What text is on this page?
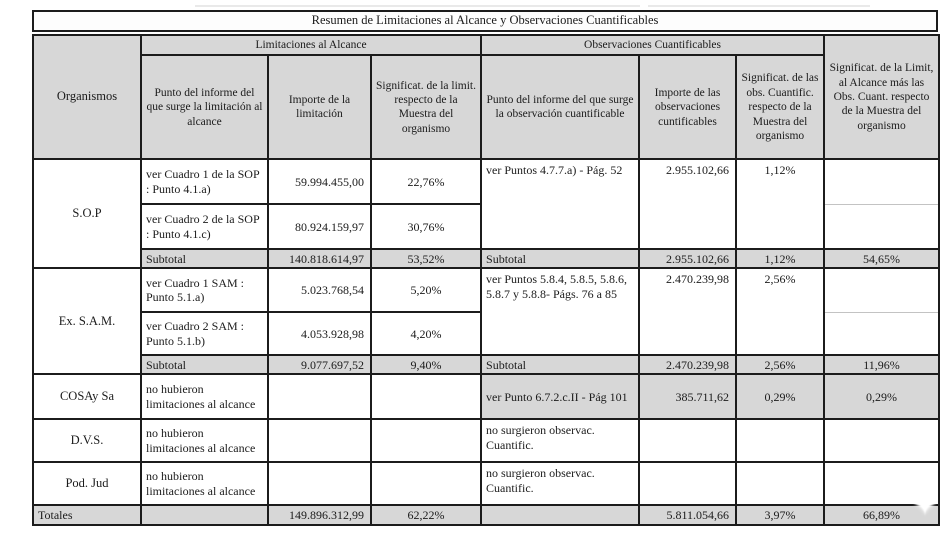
Resumen de Limitaciones al Alcance y Observaciones Cuantificables
Organismos	Limitaciones al Alcance			Observaciones Cuantificables			Significat. de la Limit, al Alcance más las Obs. Cuant. respecto de la Muestra del organismo
	Punto del informe del que surge la limitación al alcance	Importe de la limitación	Significat. de la limit. respecto de la Muestra del organismo	Punto del informe del que surge la observación cuantificable	Importe de las observaciones cuntificables	Significat. de las obs. Cuantific. respecto de la Muestra del organismo	
S.O.P	ver Cuadro 1 de la SOP : Punto 4.1.a)	59.994.455,00	22,76%	ver Puntos 4.7.7.a) - Pág. 52	2.955.102,66	1,12%	
	ver Cuadro 2 de la SOP : Punto 4.1.c)	80.924.159,97	30,76%				
	Subtotal	140.818.614,97	53,52%	Subtotal	2.955.102,66	1,12%	54,65%
Ex. S.A.M.	ver Cuadro 1 SAM : Punto 5.1.a)	5.023.768,54	5,20%	ver Puntos 5.8.4, 5.8.5, 5.8.6, 5.8.7 y 5.8.8- Págs. 76 a 85	2.470.239,98	2,56%	
	ver Cuadro 2 SAM : Punto 5.1.b)	4.053.928,98	4,20%				
	Subtotal	9.077.697,52	9,40%	Subtotal	2.470.239,98	2,56%	11,96%
COSAy Sa	no hubieron limitaciones al alcance			ver Punto 6.7.2.c.II - Pág 101	385.711,62	0,29%	0,29%
D.V.S.	no hubieron limitaciones al alcance			no surgieron observac. Cuantific.			
Pod. Jud	no hubieron limitaciones al alcance			no surgieron observac. Cuantific.			
Totales		149.896.312,99	62,22%		5.811.054,66	3,97%	66,89% ✦
